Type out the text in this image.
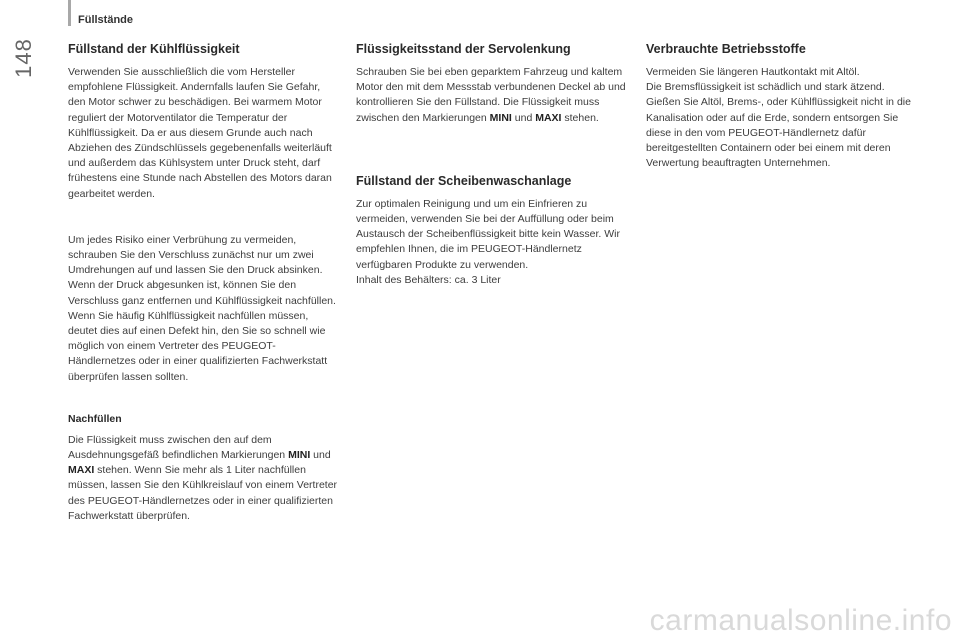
Füllstände
148	Füllstand der Kühlflüssigkeit

Verwenden Sie ausschließlich die vom Hersteller empfohlene Flüssigkeit. Andernfalls laufen Sie Gefahr, den Motor schwer zu beschädigen. Bei warmem Motor reguliert der Motorventilator die Temperatur der Kühlflüssigkeit. Da er aus diesem Grunde auch nach Abziehen des Zündschlüssels gegebenenfalls weiterläuft und außerdem das Kühlsystem unter Druck steht, darf frühestens eine Stunde nach Abstellen des Motors daran gearbeitet werden.

Um jedes Risiko einer Verbrühung zu vermeiden, schrauben Sie den Verschluss zunächst nur um zwei Umdrehungen auf und lassen Sie den Druck absinken. Wenn der Druck abgesunken ist, können Sie den Verschluss ganz entfernen und Kühlflüssigkeit nachfüllen.

Wenn Sie häufig Kühlflüssigkeit nachfüllen müssen, deutet dies auf einen Defekt hin, den Sie so schnell wie möglich von einem Vertreter des PEUGEOT-Händlernetzes oder in einer qualifizierten Fachwerkstatt überprüfen lassen sollten.

Nachfüllen

Die Flüssigkeit muss zwischen den auf dem Ausdehnungsgefäß befindlichen Markierungen MINI und MAXI stehen. Wenn Sie mehr als 1 Liter nachfüllen müssen, lassen Sie den Kühlkreislauf von einem Vertreter des PEUGEOT-Händlernetzes oder in einer qualifizierten Fachwerkstatt überprüfen.

Flüssigkeitsstand der Servolenkung

Schrauben Sie bei eben geparktem Fahrzeug und kaltem Motor den mit dem Messstab verbundenen Deckel ab und kontrollieren Sie den Füllstand. Die Flüssigkeit muss zwischen den Markierungen MINI und MAXI stehen.

Füllstand der Scheibenwaschanlage

Zur optimalen Reinigung und um ein Einfrieren zu vermeiden, verwenden Sie bei der Auffüllung oder beim Austausch der Scheibenflüssigkeit bitte kein Wasser. Wir empfehlen Ihnen, die im PEUGEOT-Händlernetz verfügbaren Produkte zu verwenden.

Inhalt des Behälters: ca. 3 Liter

Verbrauchte Betriebsstoffe

Vermeiden Sie längeren Hautkontakt mit Altöl.

Die Bremsflüssigkeit ist schädlich und stark ätzend.

Gießen Sie Altöl, Brems-, oder Kühlflüssigkeit nicht in die Kanalisation oder auf die Erde, sondern entsorgen Sie diese in den vom PEUGEOT-Händlernetz dafür bereitgestellten Containern oder bei einem mit deren Verwertung beauftragten Unternehmen.

carmanualsonline.info
